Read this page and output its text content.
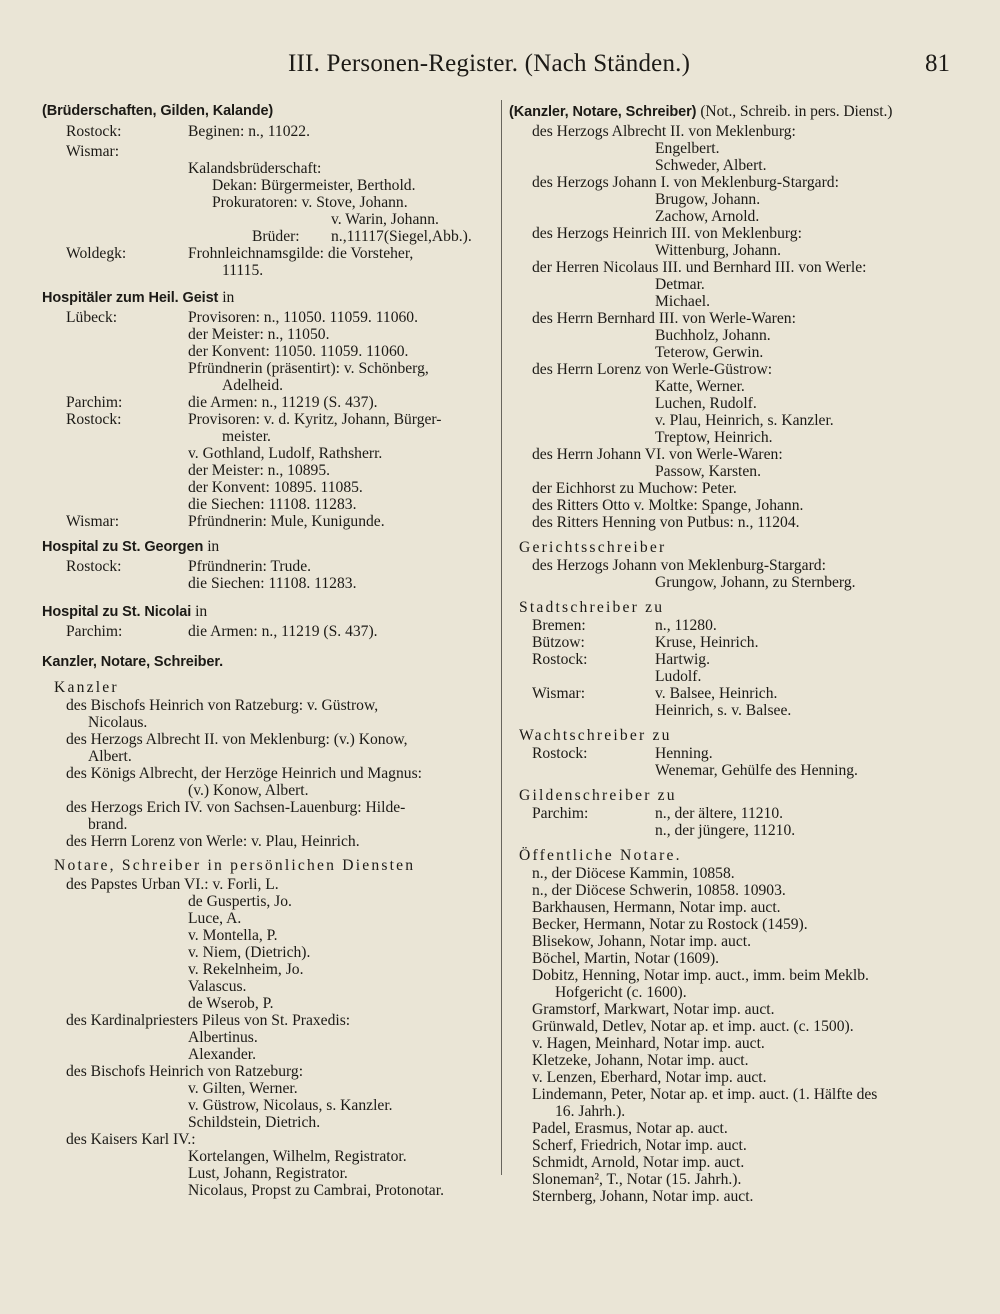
III. Personen-Register. (Nach Ständen.)	81
(Brüderschaften, Gilden, Kalande)
Rostock:	Beginen: n., 11022.
Wismar:
Kalandsbrüderschaft:
Dekan: Bürgermeister, Berthold.
Prokuratoren: v. Stove, Johann.
v. Warin, Johann.
Brüder: n.,11117(Siegel,Abb.).
Woldegk:	Frohnleichnamsgilde: die Vorsteher,
11115.
Hospitäler zum Heil. Geist in
Lübeck:	Provisoren: n., 11050. 11059. 11060.
der Meister: n., 11050.
der Konvent: 11050. 11059. 11060.
Pfründnerin (präsentirt): v. Schönberg,
Adelheid.
Parchim:	die Armen: n., 11219 (S. 437).
Rostock:	Provisoren: v. d. Kyritz, Johann, Bürger-
meister.
v. Gothland, Ludolf, Rathsherr.
der Meister: n., 10895.
der Konvent: 10895. 11085.
die Siechen: 11108. 11283.
Wismar:	Pfründnerin: Mule, Kunigunde.
Hospital zu St. Georgen in
Rostock:	Pfründnerin: Trude.
die Siechen: 11108. 11283.
Hospital zu St. Nicolai in
Parchim:	die Armen: n., 11219 (S. 437).
Kanzler, Notare, Schreiber.
Kanzler
des Bischofs Heinrich von Ratzeburg: v. Güstrow,
Nicolaus.
des Herzogs Albrecht II. von Meklenburg: (v.) Konow,
Albert.
des Königs Albrecht, der Herzöge Heinrich und Magnus:
(v.) Konow, Albert.
des Herzogs Erich IV. von Sachsen-Lauenburg: Hilde-
brand.
des Herrn Lorenz von Werle: v. Plau, Heinrich.
Notare, Schreiber in persönlichen Diensten
des Papstes Urban VI.: v. Forli, L.
de Guspertis, Jo.
Luce, A.
v. Montella, P.
v. Niem, (Dietrich).
v. Rekelnheim, Jo.
Valascus.
de Wserob, P.
des Kardinalpriesters Pileus von St. Praxedis:
Albertinus.
Alexander.
des Bischofs Heinrich von Ratzeburg:
v. Gilten, Werner.
v. Güstrow, Nicolaus, s. Kanzler.
Schildstein, Dietrich.
des Kaisers Karl IV.:
Kortelangen, Wilhelm, Registrator.
Lust, Johann, Registrator.
Nicolaus, Propst zu Cambrai, Protonotar.
(Kanzler, Notare, Schreiber) (Not., Schreib. in pers. Dienst.)
des Herzogs Albrecht II. von Meklenburg:
Engelbert.
Schweder, Albert.
des Herzogs Johann I. von Meklenburg-Stargard:
Brugow, Johann.
Zachow, Arnold.
des Herzogs Heinrich III. von Meklenburg:
Wittenburg, Johann.
der Herren Nicolaus III. und Bernhard III. von Werle:
Detmar.
Michael.
des Herrn Bernhard III. von Werle-Waren:
Buchholz, Johann.
Teterow, Gerwin.
des Herrn Lorenz von Werle-Güstrow:
Katte, Werner.
Luchen, Rudolf.
v. Plau, Heinrich, s. Kanzler.
Treptow, Heinrich.
des Herrn Johann VI. von Werle-Waren:
Passow, Karsten.
der Eichhorst zu Muchow: Peter.
des Ritters Otto v. Moltke: Spange, Johann.
des Ritters Henning von Putbus: n., 11204.
Gerichtsschreiber
des Herzogs Johann von Meklenburg-Stargard:
Grungow, Johann, zu Sternberg.
Stadtschreiber zu
Bremen:	n., 11280.
Bützow:	Kruse, Heinrich.
Rostock:	Hartwig.
Ludolf.
Wismar:	v. Balsee, Heinrich.
Heinrich, s. v. Balsee.
Wachtschreiber zu
Rostock:	Henning.
Wenemar, Gehülfe des Henning.
Gildenschreiber zu
Parchim:	n., der ältere, 11210.
n., der jüngere, 11210.
Öffentliche Notare.
n., der Diöcese Kammin, 10858.
n., der Diöcese Schwerin, 10858. 10903.
Barkhausen, Hermann, Notar imp. auct.
Becker, Hermann, Notar zu Rostock (1459).
Blisekow, Johann, Notar imp. auct.
Böchel, Martin, Notar (1609).
Dobitz, Henning, Notar imp. auct., imm. beim Meklb.
Hofgericht (c. 1600).
Gramstorf, Markwart, Notar imp. auct.
Grünwald, Detlev, Notar ap. et imp. auct. (c. 1500).
v. Hagen, Meinhard, Notar imp. auct.
Kletzeke, Johann, Notar imp. auct.
v. Lenzen, Eberhard, Notar imp. auct.
Lindemann, Peter, Notar ap. et imp. auct. (1. Hälfte des
16. Jahrh.).
Padel, Erasmus, Notar ap. auct.
Scherf, Friedrich, Notar imp. auct.
Schmidt, Arnold, Notar imp. auct.
Sloneman², T., Notar (15. Jahrh.).
Sternberg, Johann, Notar imp. auct.
